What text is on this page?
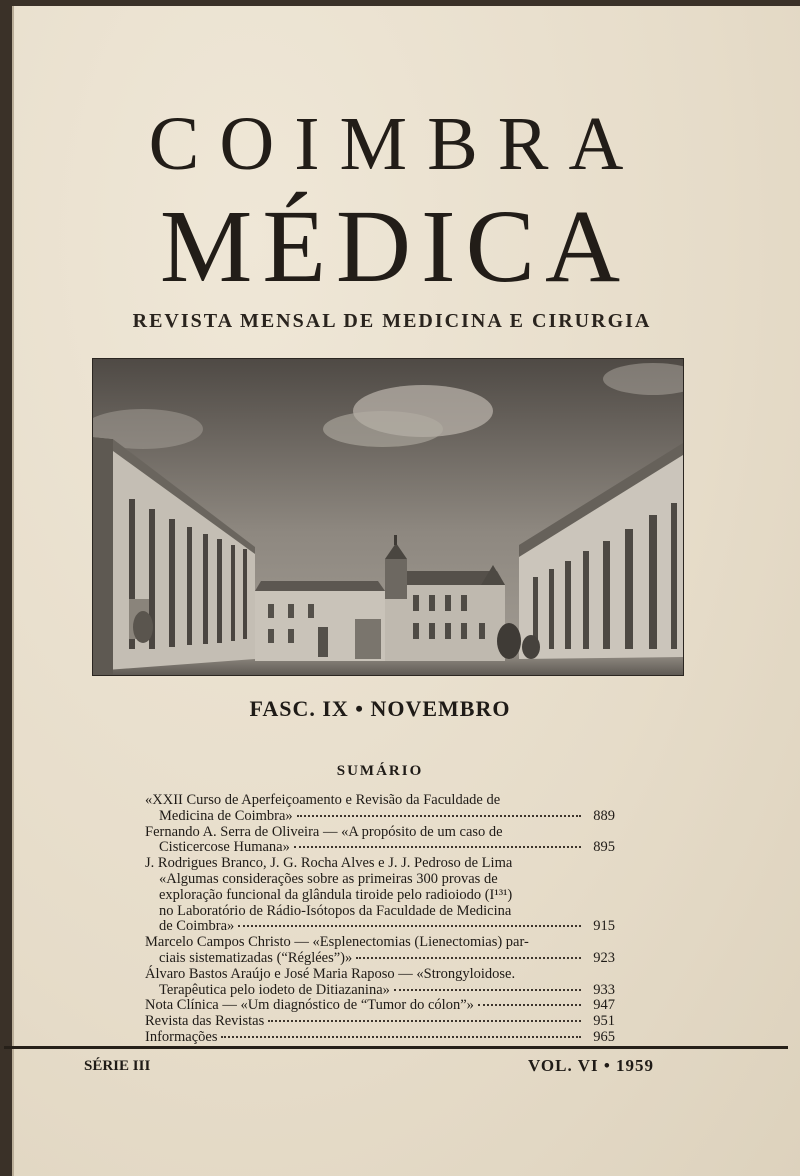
COIMBRA
MÉDICA
REVISTA MENSAL DE MEDICINA E CIRURGIA
FASC. IX • NOVEMBRO
SUMÁRIO
«XXII Curso de Aperfeiçoamento e Revisão da Faculdade de
Medicina de Coimbra»	889
Fernando A. Serra de Oliveira — «A propósito de um caso de
Cisticercose Humana»	895
J. Rodrigues Branco, J. G. Rocha Alves e J. J. Pedroso de Lima
«Algumas considerações sobre as primeiras 300 provas de
exploração funcional da glândula tiroide pelo radioiodo (I¹³¹)
no Laboratório de Rádio-Isótopos da Faculdade de Medicina
de Coimbra»	915
Marcelo Campos Christo — «Esplenectomias (Lienectomias) par-
ciais sistematizadas (“Réglées”)»	923
Álvaro Bastos Araújo e José Maria Raposo — «Strongyloidose.
Terapêutica pelo iodeto de Ditiazanina»	933
Nota Clínica — «Um diagnóstico de “Tumor do cólon”»	947
Revista das Revistas	951
Informações	965
SÉRIE III	VOL. VI • 1959
